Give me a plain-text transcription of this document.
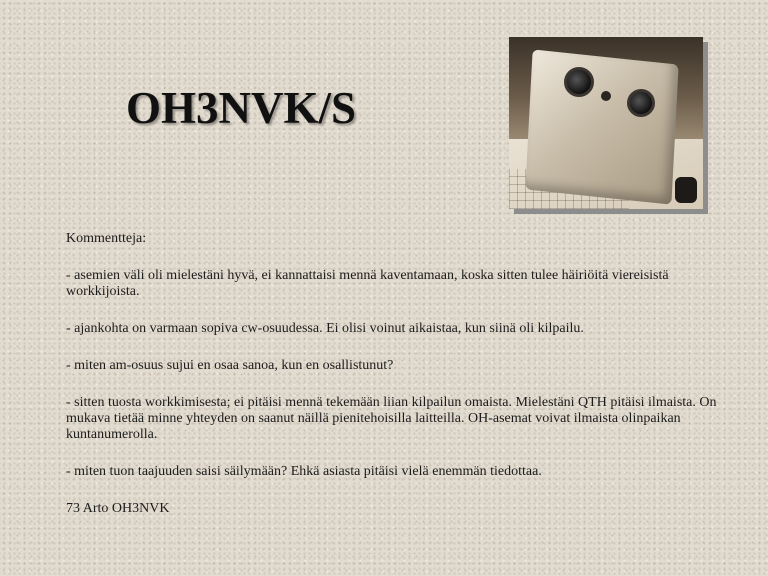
OH3NVK/S

Kommentteja:

- asemien väli oli mielestäni hyvä, ei kannattaisi mennä kaventamaan, koska sitten tulee häiriöitä viereisistä workkijoista.

- ajankohta on varmaan sopiva cw-osuudessa. Ei olisi voinut aikaistaa, kun siinä oli kilpailu.

- miten am-osuus sujui en osaa sanoa, kun en osallistunut?

- sitten tuosta workkimisesta; ei pitäisi mennä tekemään liian kilpailun omaista. Mielestäni QTH pitäisi ilmaista. On mukava tietää minne yhteyden on saanut näillä pienitehoisilla laitteilla. OH-asemat voivat ilmaista olinpaikan kuntanumerolla.

- miten tuon taajuuden saisi säilymään? Ehkä asiasta pitäisi vielä enemmän tiedottaa.

73 Arto OH3NVK
